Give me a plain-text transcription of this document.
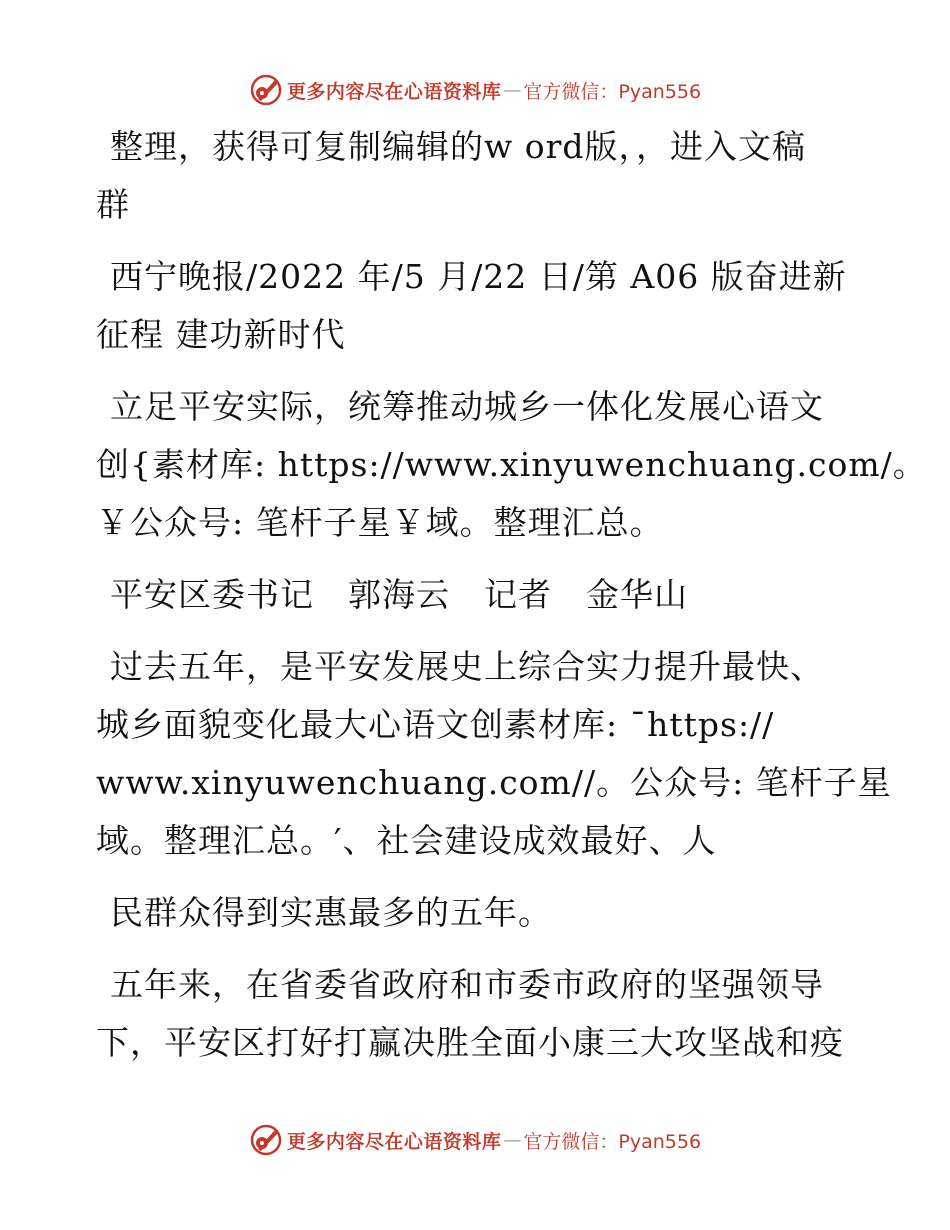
更多内容尽在心语资料库 — 官方微信：Pyan556

整理，获得可复制编辑的w ord版，，进入文稿
群

西宁晚报/2022 年/5 月/22 日/第 A06 版奋进新
征程 建功新时代

立足平安实际，统筹推动城乡一体化发展心语文
创{素材库: https://www.xinyuwenchuang.com/。
￥公众号: 笔杆子星￥域。整理汇总。

平安区委书记　郭海云　记者　金华山

过去五年，是平安发展史上综合实力提升最快、
城乡面貌变化最大心语文创素材库: ¯https://
www.xinyuwenchuang.com//。公众号: 笔杆子星
域。整理汇总。′、社会建设成效最好、人

民群众得到实惠最多的五年。

五年来，在省委省政府和市委市政府的坚强领导
下，平安区打好打赢决胜全面小康三大攻坚战和疫

更多内容尽在心语资料库 — 官方微信：Pyan556
